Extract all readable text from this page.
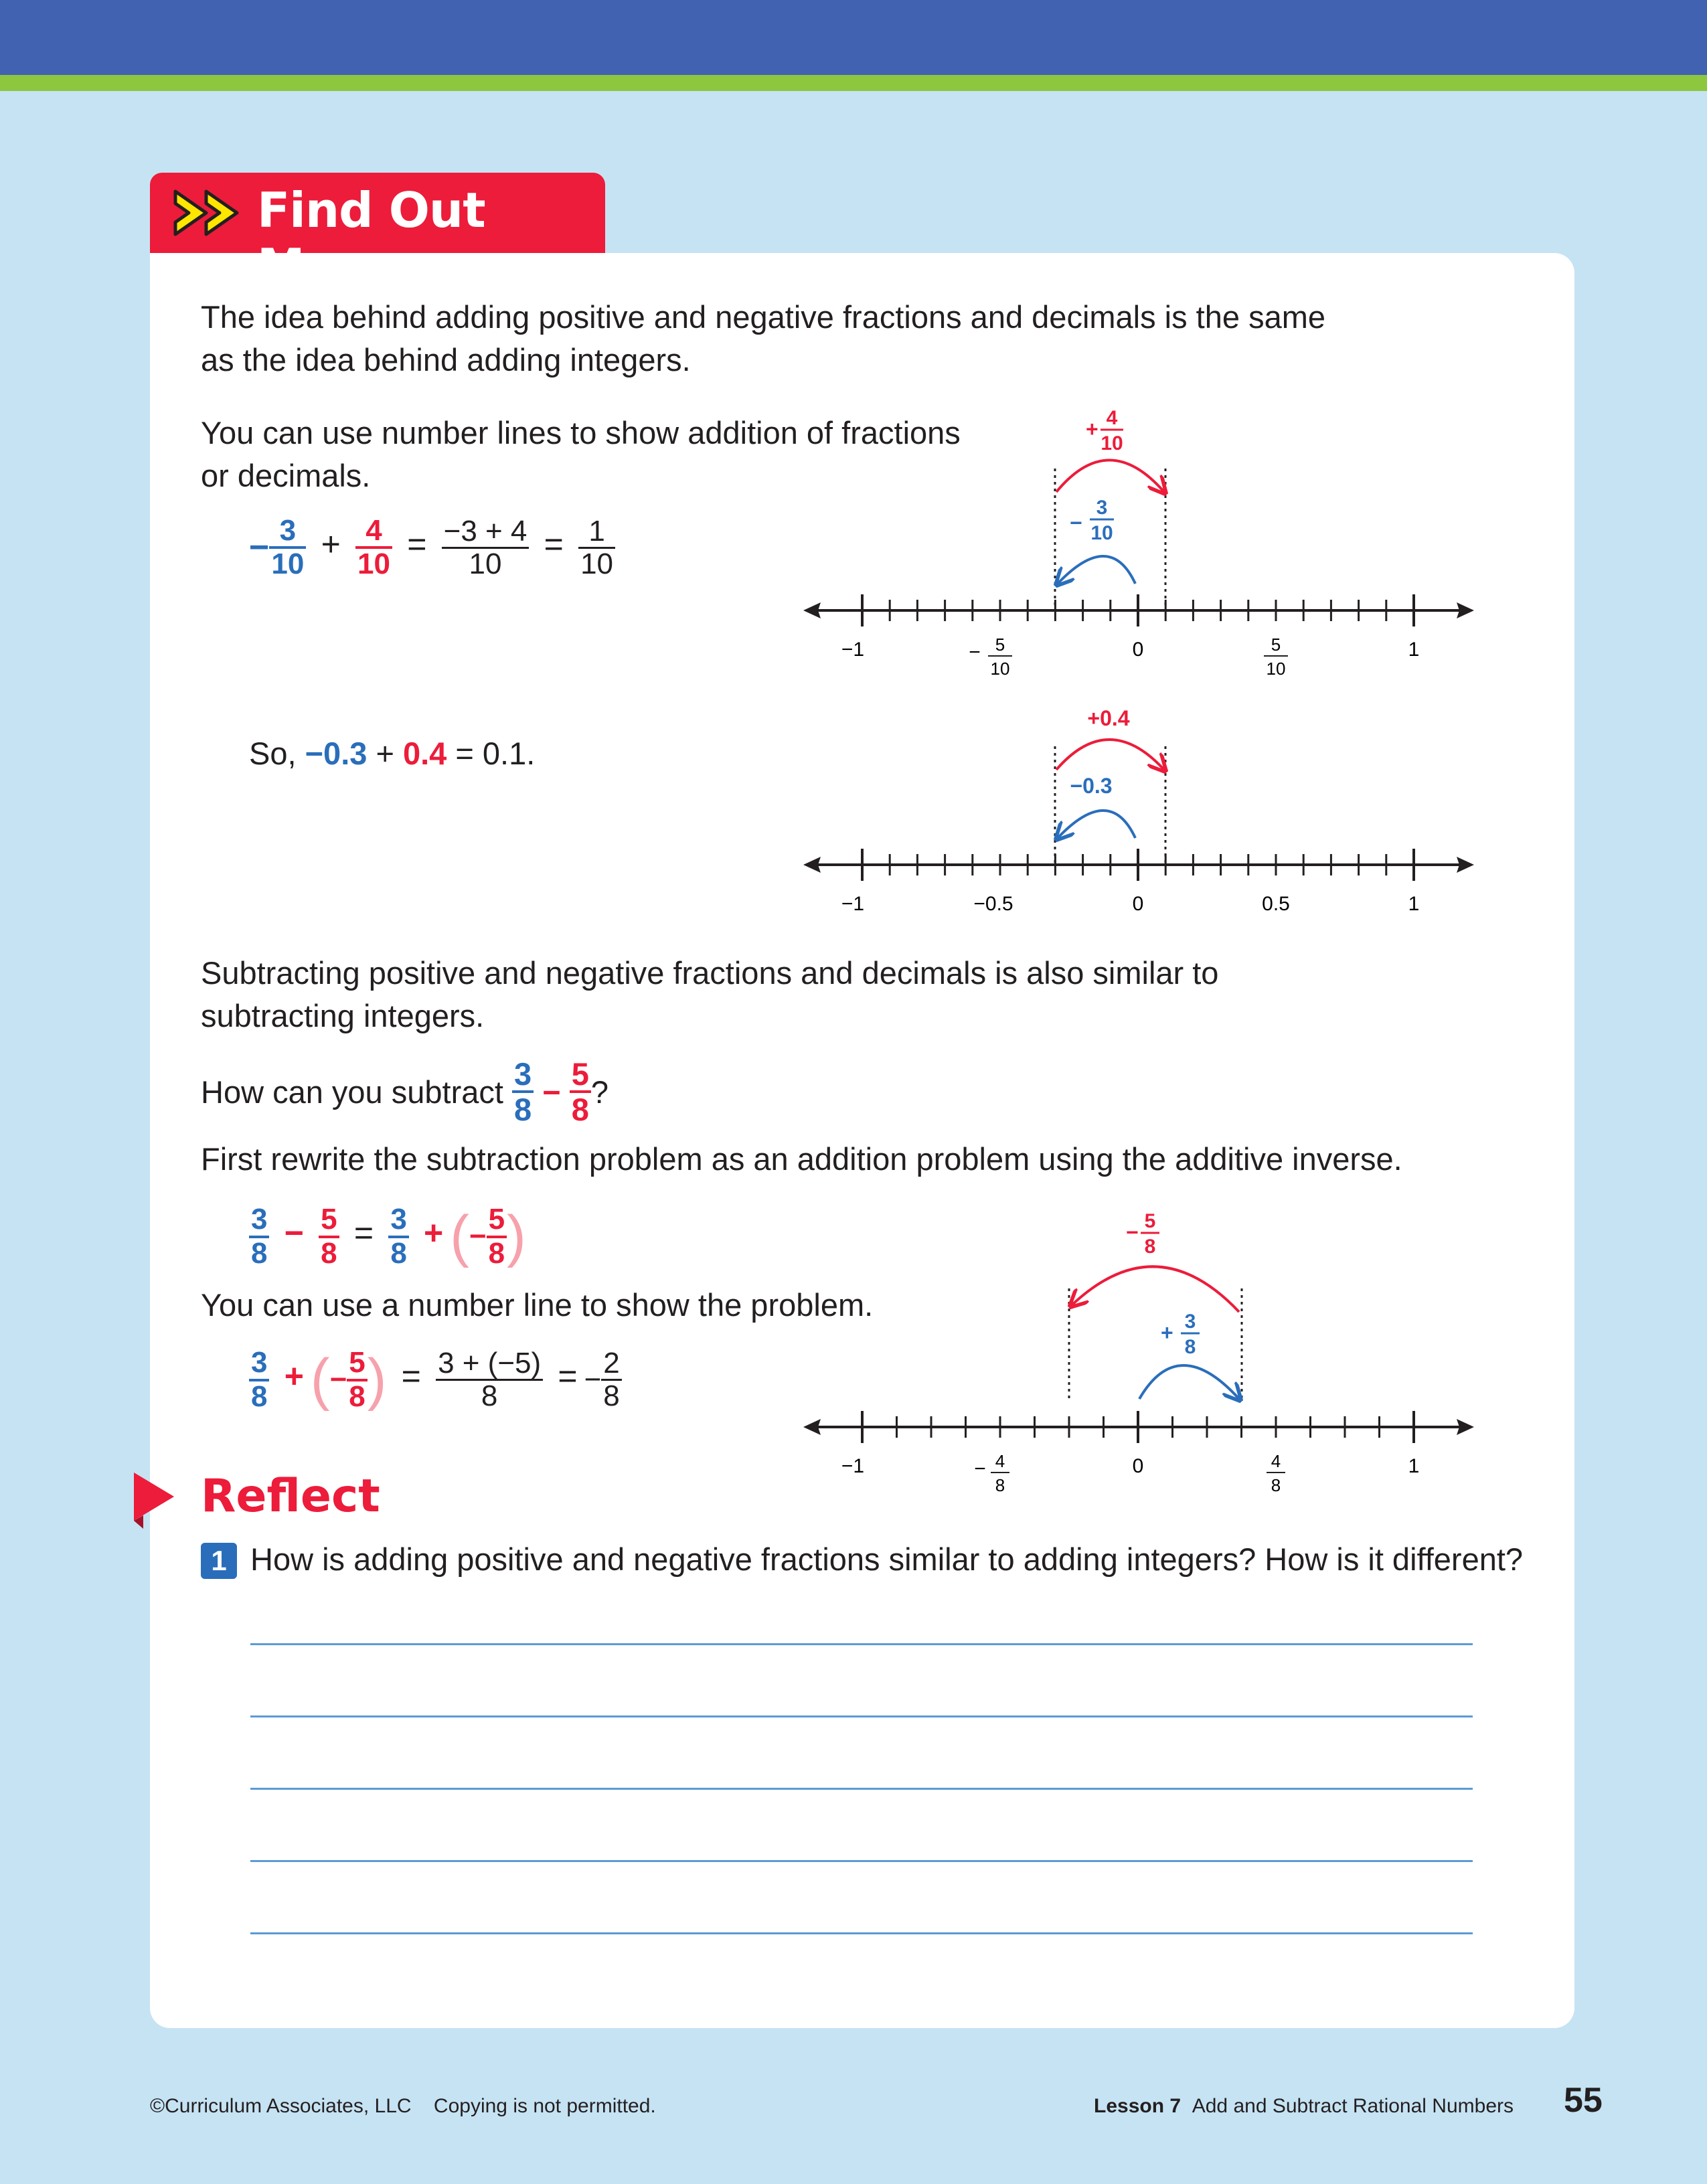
Find Out
The idea behind adding positive and negative fractions and decimals is the same
as the idea behind adding integers.
You can use number lines to show addition of fractions
or decimals.
− $\frac{3}{10} + \frac{4}{10} = \frac{-3 + 4}{10} = \frac{1}{10}$
So, −0.3 + 0.4 = 0.1.
Subtracting positive and negative fractions and decimals is also similar to
subtracting integers.
How can you subtract $\frac{3}{8} - \frac{5}{8}$ ?
First rewrite the subtraction problem as an addition problem using the additive inverse.
$\frac{3}{8} - \frac{5}{8} = \frac{3}{8}$ + (− $\frac{5}{8}$ )
You can use a number line to show the problem.
$\frac{3}{8}$ + (− $\frac{5}{8}$ ) = $\frac{3 + (-5)}{8}$ = − $\frac{2}{8}$
+ 4
10
−
3
10
−1	− 5
10
0	5
10
1
+0.4
−0.3
−1	−0.5	0	0.5	1
− 5
8
+ 3
8
−1	− 4
8
0	4
8
1
Reflect
1 How is adding positive and negative fractions similar to adding integers? How is it different?
©Curriculum Associates, LLC    Copying is not permitted.	Lesson 7 Add and Subtract Rational Numbers 55
